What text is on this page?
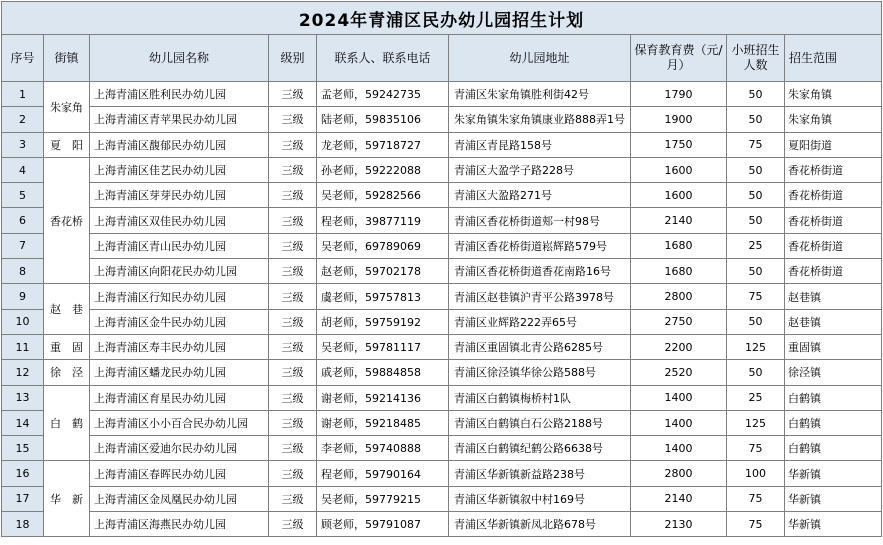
2024年青浦区民办幼儿园招生计划								
序号	街镇	幼儿园名称	级别	联系人、联系电话	幼儿园地址	保育教育费（元/月）	小班招生人数	招生范围
1	朱家角	上海青浦区胜利民办幼儿园	三级	孟老师，59242735	青浦区朱家角镇胜利街42号	1790	50	朱家角镇
2		上海青浦区青苹果民办幼儿园	三级	陆老师，59835106	朱家角镇朱家角镇康业路888弄1号	1900	50	朱家角镇
3	夏　阳	上海青浦区馥郁民办幼儿园	三级	龙老师，59718727	青浦区青昆路158号	1750	75	夏阳街道
4	香花桥	上海青浦区佳艺民办幼儿园	三级	孙老师，59222088	青浦区大盈学子路228号	1600	50	香花桥街道
5		上海青浦区芽芽民办幼儿园	三级	吴老师，59282566	青浦区大盈路271号	1600	50	香花桥街道
6		上海青浦区双佳民办幼儿园	三级	程老师，39877119	青浦区香花桥街道郏一村98号	2140	50	香花桥街道
7		上海青浦区青山民办幼儿园	三级	吴老师，69789069	青浦区香花桥街道崧辉路579号	1680	25	香花桥街道
8		上海青浦区向阳花民办幼儿园	三级	赵老师，59702178	青浦区香花桥街道香花南路16号	1680	50	香花桥街道
9	赵　巷	上海青浦区行知民办幼儿园	三级	虞老师，59757813	青浦区赵巷镇沪青平公路3978号	2800	75	赵巷镇
10		上海青浦区金牛民办幼儿园	三级	胡老师，59759192	青浦区业辉路222弄65号	2750	50	赵巷镇
11	重　固	上海青浦区寿丰民办幼儿园	三级	吴老师，59781117	青浦区重固镇北青公路6285号	2200	125	重固镇
12	徐　泾	上海青浦区蟠龙民办幼儿园	三级	戚老师，59884858	青浦区徐泾镇华徐公路588号	2520	50	徐泾镇
13	白　鹤	上海青浦区育星民办幼儿园	三级	谢老师，59214136	青浦区白鹤镇梅桥村1队	1400	25	白鹤镇
14		上海青浦区小小百合民办幼儿园	三级	谢老师，59218485	青浦区白鹤镇白石公路2188号	1400	125	白鹤镇
15		上海青浦区爱迪尔民办幼儿园	三级	李老师，59740888	青浦区白鹤镇纪鹤公路6638号	1400	75	白鹤镇
16	华　新	上海青浦区春晖民办幼儿园	三级	程老师，59790164	青浦区华新镇新益路238号	2800	100	华新镇
17		上海青浦区金凤凰民办幼儿园	三级	吴老师，59779215	青浦区华新镇叙中村169号	2140	75	华新镇
18		上海青浦区海燕民办幼儿园	三级	顾老师，59791087	青浦区华新镇新凤北路678号	2130	75	华新镇
